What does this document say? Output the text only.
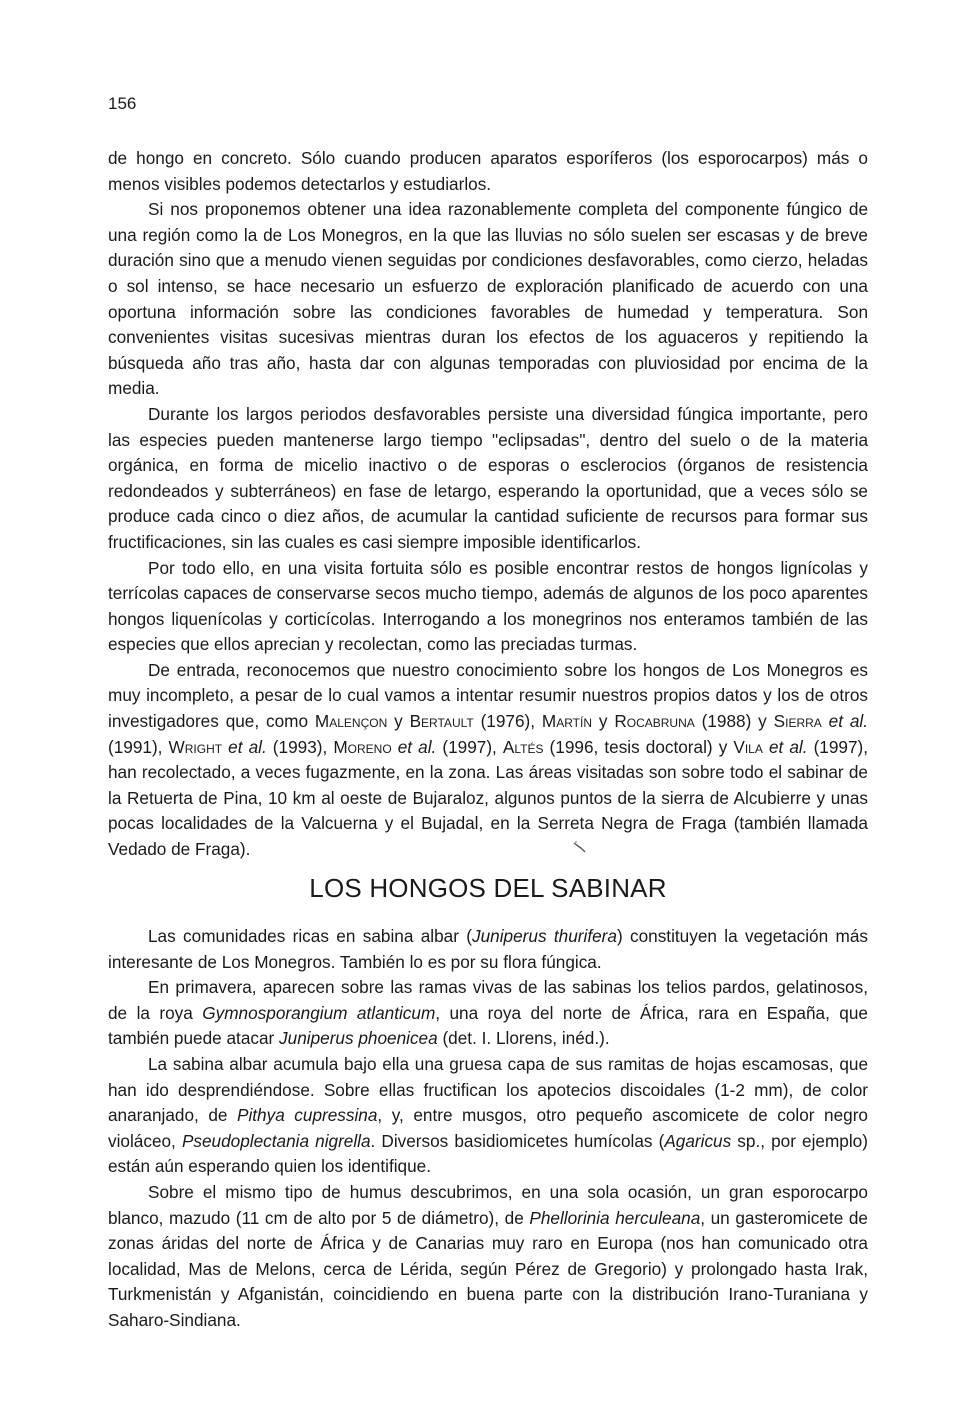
156

de hongo en concreto. Sólo cuando producen aparatos esporíferos (los esporocarpos) más o menos visibles podemos detectarlos y estudiarlos.

Si nos proponemos obtener una idea razonablemente completa del componente fúngico de una región como la de Los Monegros, en la que las lluvias no sólo suelen ser escasas y de breve duración sino que a menudo vienen seguidas por condiciones desfavorables, como cierzo, heladas o sol intenso, se hace necesario un esfuerzo de exploración planificado de acuerdo con una oportuna información sobre las condiciones favorables de humedad y temperatura. Son convenientes visitas sucesivas mientras duran los efectos de los aguaceros y repitiendo la búsqueda año tras año, hasta dar con algunas temporadas con pluviosidad por encima de la media.

Durante los largos periodos desfavorables persiste una diversidad fúngica importante, pero las especies pueden mantenerse largo tiempo "eclipsadas", dentro del suelo o de la materia orgánica, en forma de micelio inactivo o de esporas o esclerocios (órganos de resistencia redondeados y subterráneos) en fase de letargo, esperando la oportunidad, que a veces sólo se produce cada cinco o diez años, de acumular la cantidad suficiente de recursos para formar sus fructificaciones, sin las cuales es casi siempre imposible identificarlos.

Por todo ello, en una visita fortuita sólo es posible encontrar restos de hongos lignícolas y terrícolas capaces de conservarse secos mucho tiempo, además de algunos de los poco aparentes hongos liquenícolas y corticícolas. Interrogando a los monegrinos nos enteramos también de las especies que ellos aprecian y recolectan, como las preciadas turmas.

De entrada, reconocemos que nuestro conocimiento sobre los hongos de Los Monegros es muy incompleto, a pesar de lo cual vamos a intentar resumir nuestros propios datos y los de otros investigadores que, como Malençon y Bertault (1976), Martín y Rocabruna (1988) y Sierra et al. (1991), Wright et al. (1993), Moreno et al. (1997), Altés (1996, tesis doctoral) y Vila et al. (1997), han recolectado, a veces fugazmente, en la zona. Las áreas visitadas son sobre todo el sabinar de la Retuerta de Pina, 10 km al oeste de Bujaraloz, algunos puntos de la sierra de Alcubierre y unas pocas localidades de la Valcuerna y el Bujadal, en la Serreta Negra de Fraga (también llamada Vedado de Fraga).

LOS HONGOS DEL SABINAR

Las comunidades ricas en sabina albar (Juniperus thurifera) constituyen la vegetación más interesante de Los Monegros. También lo es por su flora fúngica.

En primavera, aparecen sobre las ramas vivas de las sabinas los telios pardos, gelatinosos, de la roya Gymnosporangium atlanticum, una roya del norte de África, rara en España, que también puede atacar Juniperus phoenicea (det. I. Llorens, inéd.).

La sabina albar acumula bajo ella una gruesa capa de sus ramitas de hojas escamosas, que han ido desprendiéndose. Sobre ellas fructifican los apotecios discoidales (1-2 mm), de color anaranjado, de Pithya cupressina, y, entre musgos, otro pequeño ascomicete de color negro violáceo, Pseudoplectania nigrella. Diversos basidiomicetes humícolas (Agaricus sp., por ejemplo) están aún esperando quien los identifique.

Sobre el mismo tipo de humus descubrimos, en una sola ocasión, un gran esporocarpo blanco, mazudo (11 cm de alto por 5 de diámetro), de Phellorinia herculeana, un gasteromicete de zonas áridas del norte de África y de Canarias muy raro en Europa (nos han comunicado otra localidad, Mas de Melons, cerca de Lérida, según Pérez de Gregorio) y prolongado hasta Irak, Turkmenistán y Afganistán, coincidiendo en buena parte con la distribución Irano-Turaniana y Saharo-Sindiana.
